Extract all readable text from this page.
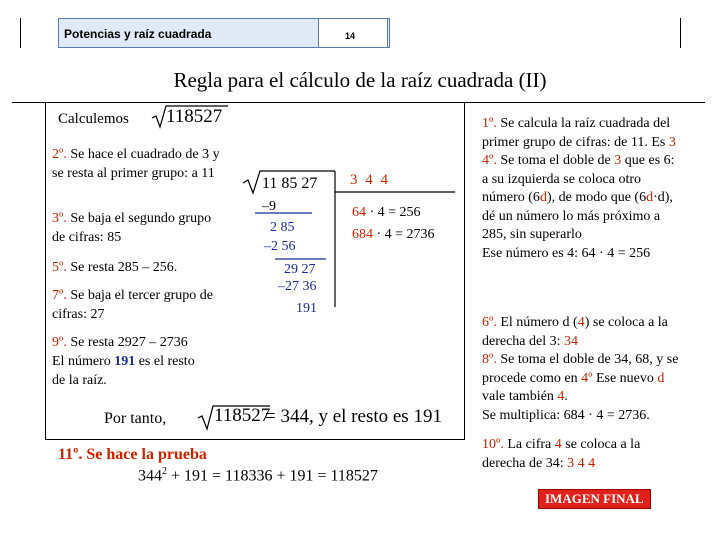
Potencias y raíz cuadrada	14
Regla para el cálculo de la raíz cuadrada (II)
Calculemos 118527
2º. Se hace el cuadrado de 3 y se resta al primer grupo: a 11
3º. Se baja el segundo grupo de cifras: 85
5º. Se resta 285 – 256.
7º. Se baja el tercer grupo de cifras: 27
9º. Se resta 2927 – 2736 El número 191 es el resto de la raíz.
11 85 27
–9
2 85
–2 56
29 27
–27 36
191
3 4 4
64 · 4 = 256
684 · 4 = 2736
Por tanto,	118527
= 344, y el resto es 191
11º. Se hace la prueba
$344^2 + 191 = 118336 + 191 = 118527$
1º. Se calcula la raíz cuadrada del primer grupo de cifras: de 11. Es 3
4º. Se toma el doble de 3 que es 6: a su izquierda se coloca otro número (6d), de modo que (6d·d), dé un número lo más próximo a 285, sin superarlo
Ese número es 4: 64 · 4 = 256
6º. El número d (4) se coloca a la derecha del 3: 34
8º. Se toma el doble de 34, 68, y se procede como en 4º Ese nuevo d vale también 4.
Se multiplica: 684 · 4 = 2736.
10º. La cifra 4 se coloca a la derecha de 34: 3 4 4
IMAGEN FINAL
